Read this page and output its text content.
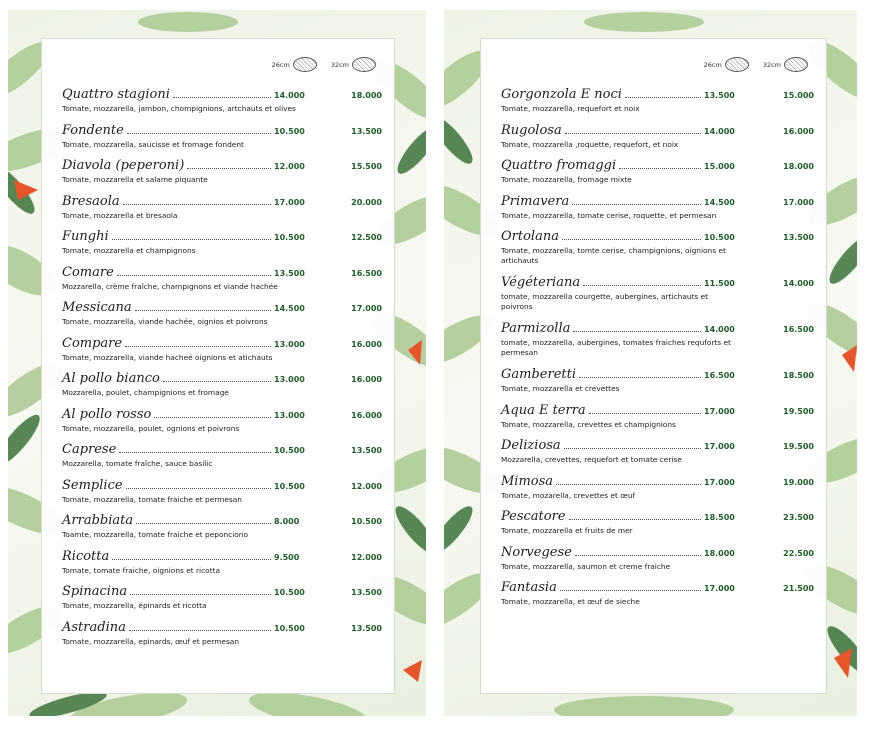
26cm	32cm
Quattro stagioni	14.000	18.000
Tomate, mozzarella, jambon, chompignions, artchauts et olives
Fondente	10.500	13.500
Tomate, mozzarella, saucisse et fromage fondent
Diavola (peperoni)	12.000	15.500
Tomate, mozzarella et salame piquante
Bresaola	17.000	20.000
Tomate, mozzarella et bresaola
Funghi	10.500	12.500
Tomate, mozzarella et champignons
Comare	13.500	16.500
Mozzarella, crème fraîche, champignons et viande hachée
Messicana	14.500	17.000
Tomate, mozzarella, viande hachée, oignios et poivrons
Compare	13.000	16.000
Tomate, mozzarella, viande hacheé oignions et atichauts
Al pollo bianco	13.000	16.000
Mozzarella, poulet, champignions et fromage
Al pollo rosso	13.000	16.000
Tomate, mozzarella, poulet, ognions et poivrons
Caprese	10.500	13.500
Mozzarella, tomate fraîche, sauce basilic
Semplice	10.500	12.000
Tomate, mozzarella, tomate fraiche et permesan
Arrabbiata	8.000	10.500
Toamte, mozzarella, tomate fraiche et peponciono
Ricotta	9.500	12.000
Tomate, tomate fraiche, oignions et ricotta
Spinacina	10.500	13.500
Tomate, mozzarella, épinards et ricotta
Astradina	10.500	13.500
Tomate, mozzarella, epinards, œuf et permesan
26cm	32cm
Gorgonzola E noci	13.500	15.000
Tomate, mozzarella, requefort et noix
Rugolosa	14.000	16.000
Tomate, mozzarella ,roquette, requefort, et noix
Quattro fromaggi	15.000	18.000
Tomate, mozzarella, fromage mixte
Primavera	14.500	17.000
Tomate, mozzarella, tomate cerise, roquette, et permesan
Ortolana	10.500	13.500
Tomate, mozzarella, tomte cerise, champignions, oignions et artichauts
Végéteriana	11.500	14.000
tomate, mozzarella courgette, aubergines, artichauts et poivrons
Parmizolla	14.000	16.500
tomate, mozzarella, aubergines, tomates fraiches requforts et permesan
Gamberetti	16.500	18.500
Tomate, mozzarella et crevettes
Aqua E terra	17.000	19.500
Tomate, mozzarella, crevettes et champignions
Deliziosa	17.000	19.500
Mozzarella, crevettes, requefort et tomate cerise
Mimosa	17.000	19.000
Tomate, mozarella, crevettes et œuf
Pescatore	18.500	23.500
Tomate, mozzarella et fruits de mer
Norvegese	18.000	22.500
Tomate, mozzarella, saumon et creme fraiche
Fantasia	17.000	21.500
Tomate, mozzarella, et œuf de sieche
